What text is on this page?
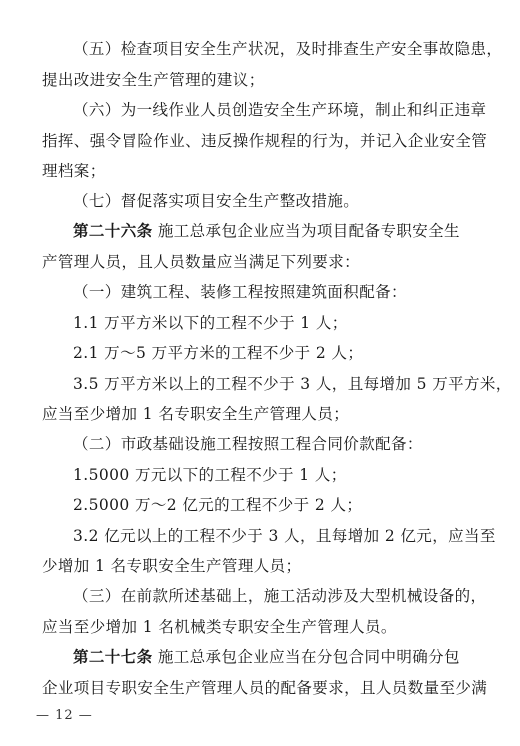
（五）检查项目安全生产状况，及时排查生产安全事故隐患，
提出改进安全生产管理的建议；

（六）为一线作业人员创造安全生产环境，制止和纠正违章
指挥、强令冒险作业、违反操作规程的行为，并记入企业安全管
理档案；

（七）督促落实项目安全生产整改措施。

第二十六条 施工总承包企业应当为项目配备专职安全生
产管理人员，且人员数量应当满足下列要求：

（一）建筑工程、装修工程按照建筑面积配备：
1.1 万平方米以下的工程不少于 1 人；
2.1 万～5 万平方米的工程不少于 2 人；
3.5 万平方米以上的工程不少于 3 人，且每增加 5 万平方米，
应当至少增加 1 名专职安全生产管理人员；

（二）市政基础设施工程按照工程合同价款配备：
1.5000 万元以下的工程不少于 1 人；
2.5000 万～2 亿元的工程不少于 2 人；
3.2 亿元以上的工程不少于 3 人，且每增加 2 亿元，应当至
少增加 1 名专职安全生产管理人员；

（三）在前款所述基础上，施工活动涉及大型机械设备的，
应当至少增加 1 名机械类专职安全生产管理人员。

第二十七条 施工总承包企业应当在分包合同中明确分包
企业项目专职安全生产管理人员的配备要求，且人员数量至少满

— 12 —
